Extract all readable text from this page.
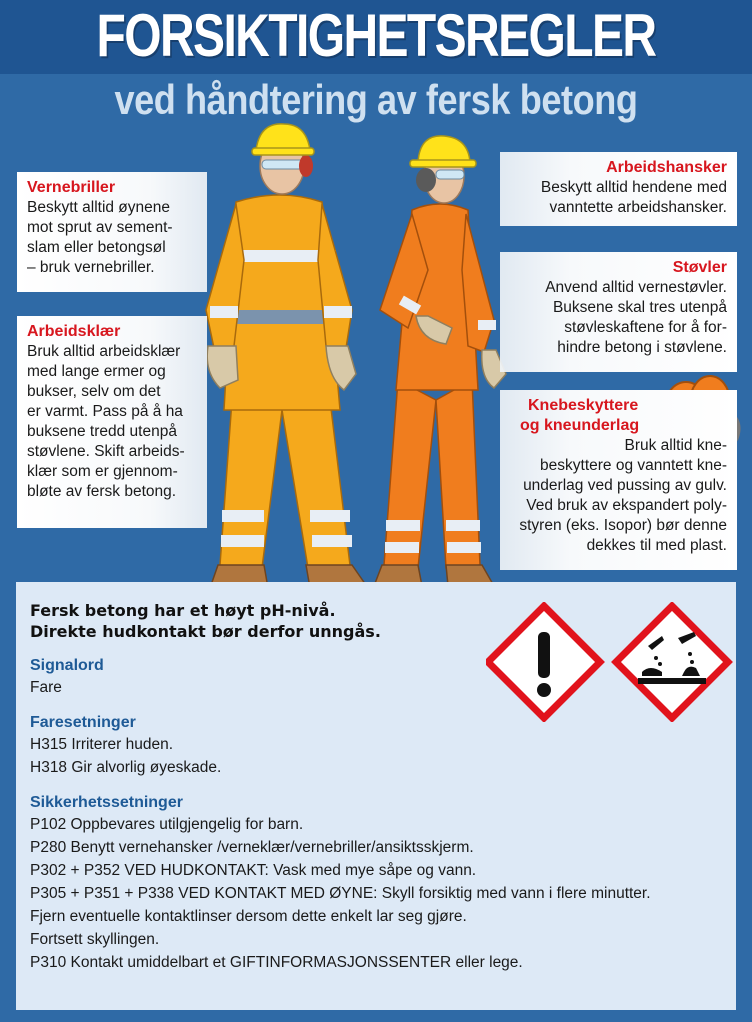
FORSIKTIGHETSREGLER
ved håndtering av fersk betong
Vernebriller
Beskytt alltid øynene
mot sprut av sement-
slam eller betongsøl
– bruk vernebriller.
Arbeidsklær
Bruk alltid arbeidsklær
med lange ermer og
bukser, selv om det
er varmt. Pass på å ha
buksene tredd utenpå
støvlene. Skift arbeids-
klær som er gjennom-
bløte av fersk betong.
Arbeidshansker
Beskytt alltid hendene med
vanntette arbeidshansker.
Støvler
Anvend alltid vernestøvler.
Buksene skal tres utenpå
støvleskaftene for å for-
hindre betong i støvlene.
Knebeskyttere
og kneunderlag
Bruk alltid kne-
beskyttere og vanntett kne-
underlag ved pussing av gulv.
Ved bruk av ekspandert poly-
styren (eks. Isopor) bør denne
dekkes til med plast.
Fersk betong har et høyt pH-nivå.
Direkte hudkontakt bør derfor unngås.
Signalord
Fare
Faresetninger
H315 Irriterer huden.
H318 Gir alvorlig øyeskade.
Sikkerhetssetninger
P102 Oppbevares utilgjengelig for barn.
P280 Benytt vernehansker /verneklær/vernebriller/ansiktsskjerm.
P302 + P352 VED HUDKONTAKT: Vask med mye såpe og vann.
P305 + P351 + P338 VED KONTAKT MED ØYNE: Skyll forsiktig med vann i flere minutter.
Fjern eventuelle kontaktlinser dersom dette enkelt lar seg gjøre.
Fortsett skyllingen.
P310 Kontakt umiddelbart et GIFTINFORMASJONSSENTER eller lege.
